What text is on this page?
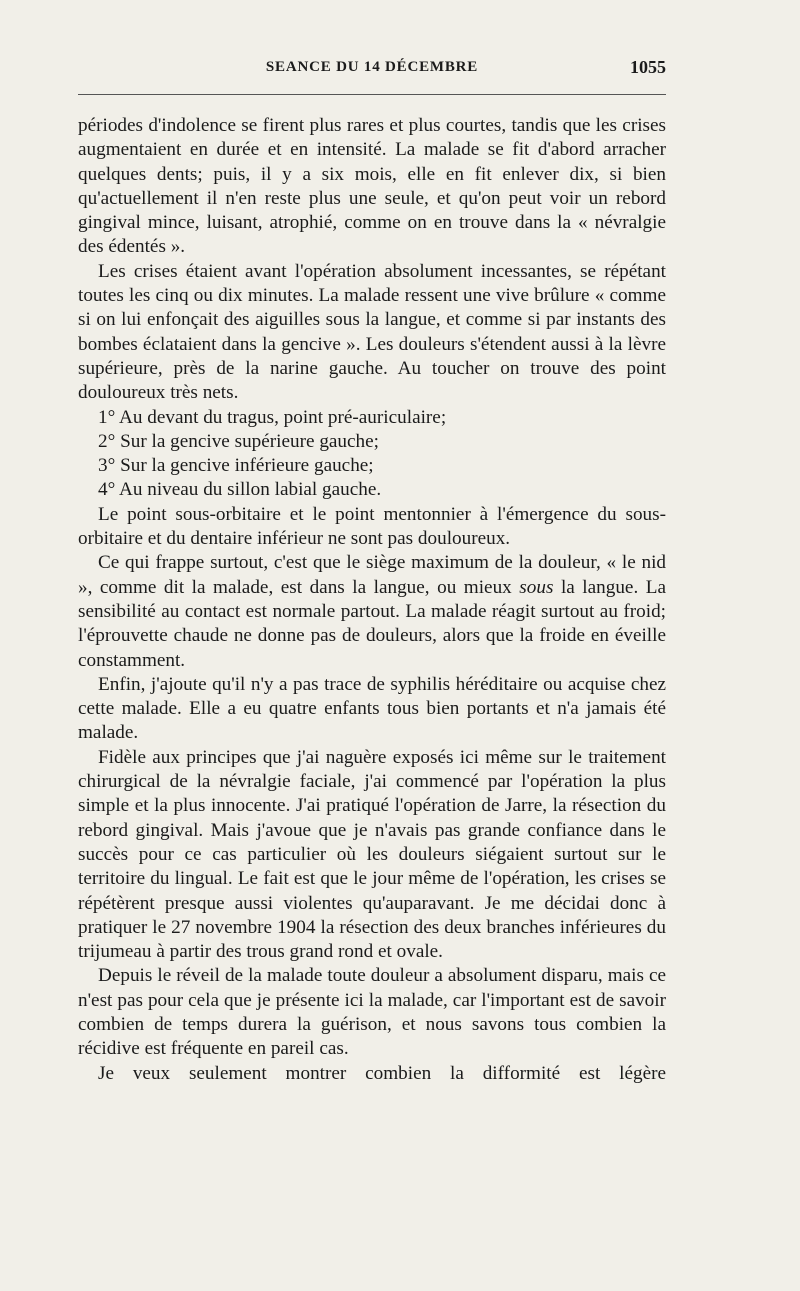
SEANCE DU 14 DÉCEMBRE	1055

périodes d'indolence se firent plus rares et plus courtes, tandis que les crises augmentaient en durée et en intensité. La malade se fit d'abord arracher quelques dents; puis, il y a six mois, elle en fit enlever dix, si bien qu'actuellement il n'en reste plus une seule, et qu'on peut voir un rebord gingival mince, luisant, atrophié, comme on en trouve dans la « névralgie des édentés ».

Les crises étaient avant l'opération absolument incessantes, se répétant toutes les cinq ou dix minutes. La malade ressent une vive brûlure « comme si on lui enfonçait des aiguilles sous la langue, et comme si par instants des bombes éclataient dans la gencive ». Les douleurs s'étendent aussi à la lèvre supérieure, près de la narine gauche. Au toucher on trouve des point douloureux très nets.

1° Au devant du tragus, point pré-auriculaire;

2° Sur la gencive supérieure gauche;

3° Sur la gencive inférieure gauche;

4° Au niveau du sillon labial gauche.

Le point sous-orbitaire et le point mentonnier à l'émergence du sous-orbitaire et du dentaire inférieur ne sont pas douloureux.

Ce qui frappe surtout, c'est que le siège maximum de la douleur, « le nid », comme dit la malade, est dans la langue, ou mieux sous la langue. La sensibilité au contact est normale partout. La malade réagit surtout au froid; l'éprouvette chaude ne donne pas de douleurs, alors que la froide en éveille constamment.

Enfin, j'ajoute qu'il n'y a pas trace de syphilis héréditaire ou acquise chez cette malade. Elle a eu quatre enfants tous bien portants et n'a jamais été malade.

Fidèle aux principes que j'ai naguère exposés ici même sur le traitement chirurgical de la névralgie faciale, j'ai commencé par l'opération la plus simple et la plus innocente. J'ai pratiqué l'opération de Jarre, la résection du rebord gingival. Mais j'avoue que je n'avais pas grande confiance dans le succès pour ce cas particulier où les douleurs siégaient surtout sur le territoire du lingual. Le fait est que le jour même de l'opération, les crises se répétèrent presque aussi violentes qu'auparavant. Je me décidai donc à pratiquer le 27 novembre 1904 la résection des deux branches inférieures du trijumeau à partir des trous grand rond et ovale.

Depuis le réveil de la malade toute douleur a absolument disparu, mais ce n'est pas pour cela que je présente ici la malade, car l'important est de savoir combien de temps durera la guérison, et nous savons tous combien la récidive est fréquente en pareil cas.

Je veux seulement montrer combien la difformité est légère
